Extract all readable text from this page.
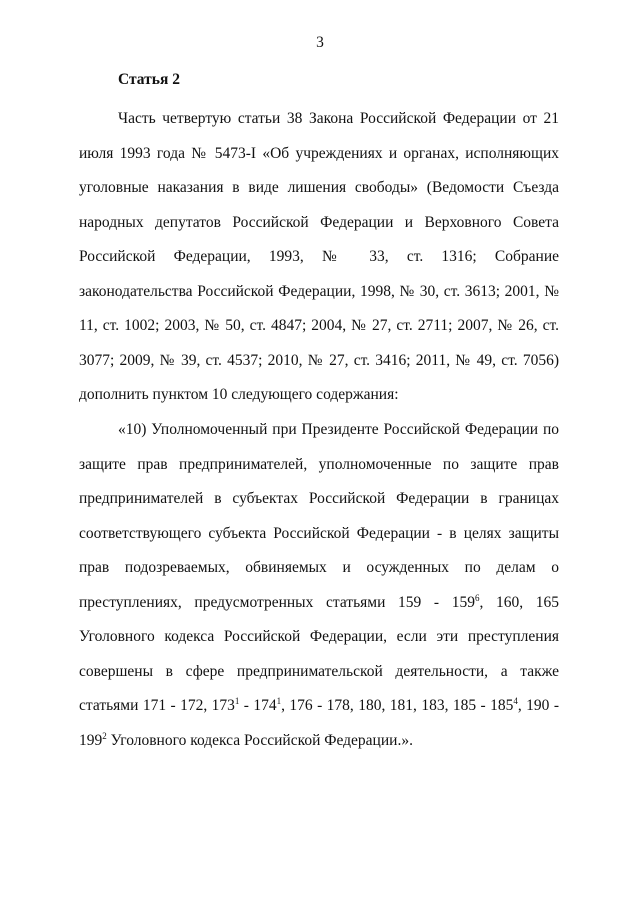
3
Статья 2

Часть четвертую статьи 38 Закона Российской Федерации от 21 июля 1993 года № 5473-I «Об учреждениях и органах, исполняющих уголовные наказания в виде лишения свободы» (Ведомости Съезда народных депутатов Российской Федерации и Верховного Совета Российской Федерации, 1993, № 33, ст. 1316; Собрание законодательства Российской Федерации, 1998, № 30, ст. 3613; 2001, № 11, ст. 1002; 2003, № 50, ст. 4847; 2004, № 27, ст. 2711; 2007, № 26, ст. 3077; 2009, № 39, ст. 4537; 2010, № 27, ст. 3416; 2011, № 49, ст. 7056) дополнить пунктом 10 следующего содержания:

«10) Уполномоченный при Президенте Российской Федерации по защите прав предпринимателей, уполномоченные по защите прав предпринимателей в субъектах Российской Федерации в границах соответствующего субъекта Российской Федерации - в целях защиты прав подозреваемых, обвиняемых и осужденных по делам о преступлениях, предусмотренных статьями $159 - 159^6$, 160, 165 Уголовного кодекса Российской Федерации, если эти преступления совершены в сфере предпринимательской деятельности, а также статьями 171 - 172, $173^1 - 174^1$, 176 - 178, 180, 181, 183, $185 - 185^4$, $190 - 199^2$ Уголовного кодекса Российской Федерации.».
